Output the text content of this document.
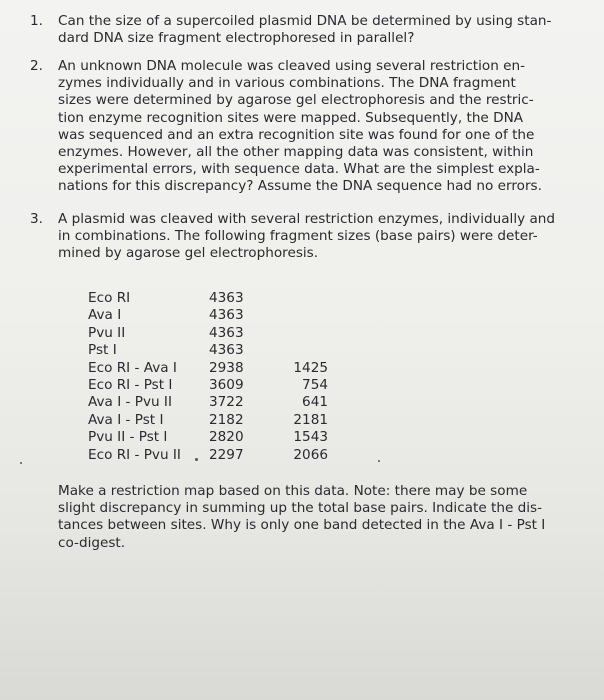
1.	Can the size of a supercoiled plasmid DNA be determined by using stan-
dard DNA size fragment electrophoresed in parallel?
2.	An unknown DNA molecule was cleaved using several restriction en-
zymes individually and in various combinations. The DNA fragment
sizes were determined by agarose gel electrophoresis and the restric-
tion enzyme recognition sites were mapped. Subsequently, the DNA
was sequenced and an extra recognition site was found for one of the
enzymes. However, all the other mapping data was consistent, within
experimental errors, with sequence data. What are the simplest expla-
nations for this discrepancy? Assume the DNA sequence had no errors.
3.	A plasmid was cleaved with several restriction enzymes, individually and
in combinations. The following fragment sizes (base pairs) were deter-
mined by agarose gel electrophoresis.
Eco RI	4363
Ava I	4363
Pvu II	4363
Pst I	4363
Eco RI - Ava I 2938	1425
Eco RI - Pst I	3609	754
Ava I - Pvu II	3722	641
Ava I - Pst I	2182	2181
Pvu II - Pst I	2820	1543
Eco RI - Pvu II 2297	2066
Make a restriction map based on this data. Note: there may be some
slight discrepancy in summing up the total base pairs. Indicate the dis-
tances between sites. Why is only one band detected in the Ava I - Pst I
co-digest.
